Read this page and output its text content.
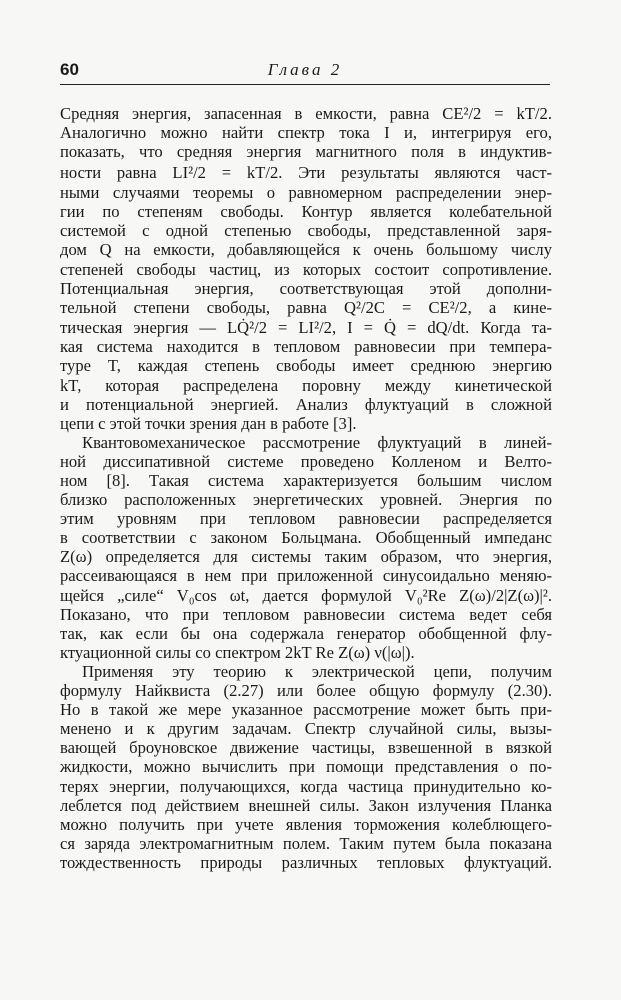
60	Глава 2
Средняя энергия, запасенная в емкости, равна CE²/2 = kT/2.
Аналогично можно найти спектр тока I и, интегрируя его,
показать, что средняя энергия магнитного поля в индуктив-
ности равна LI²/2 = kT/2. Эти результаты являются част-
ными случаями теоремы о равномерном распределении энер-
гии по степеням свободы. Контур является колебательной
системой с одной степенью свободы, представленной заря-
дом Q на емкости, добавляющейся к очень большому числу
степеней свободы частиц, из которых состоит сопротивление.
Потенциальная энергия, соответствующая этой дополни-
тельной степени свободы, равна Q²/2C = CE²/2, а кине-
тическая энергия — LQ̇²/2 = LI²/2, I = Q̇ = dQ/dt. Когда та-
кая система находится в тепловом равновесии при темпера-
туре T, каждая степень свободы имеет среднюю энергию
kT, которая распределена поровну между кинетической
и потенциальной энергией. Анализ флуктуаций в сложной
цепи с этой точки зрения дан в работе [3].
Квантовомеханическое рассмотрение флуктуаций в линей-
ной диссипативной системе проведено Колленом и Велто-
ном [8]. Такая система характеризуется большим числом
близко расположенных энергетических уровней. Энергия по
этим уровням при тепловом равновесии распределяется
в соответствии с законом Больцмана. Обобщенный импеданс
Z(ω) определяется для системы таким образом, что энергия,
рассеивающаяся в нем при приложенной синусоидально меняю-
щейся „силе“ V₀cos ωt, дается формулой V₀²Re Z(ω)/2|Z(ω)|².
Показано, что при тепловом равновесии система ведет себя
так, как если бы она содержала генератор обобщенной флу-
ктуационной силы со спектром 2kT Re Z(ω) ν(|ω|).
Применяя эту теорию к электрической цепи, получим
формулу Найквиста (2.27) или более общую формулу (2.30).
Но в такой же мере указанное рассмотрение может быть при-
менено и к другим задачам. Спектр случайной силы, вызы-
вающей броуновское движение частицы, взвешенной в вязкой
жидкости, можно вычислить при помощи представления о по-
терях энергии, получающихся, когда частица принудительно ко-
леблется под действием внешней силы. Закон излучения Планка
можно получить при учете явления торможения колеблющего-
ся заряда электромагнитным полем. Таким путем была показана
тождественность природы различных тепловых флуктуаций.
